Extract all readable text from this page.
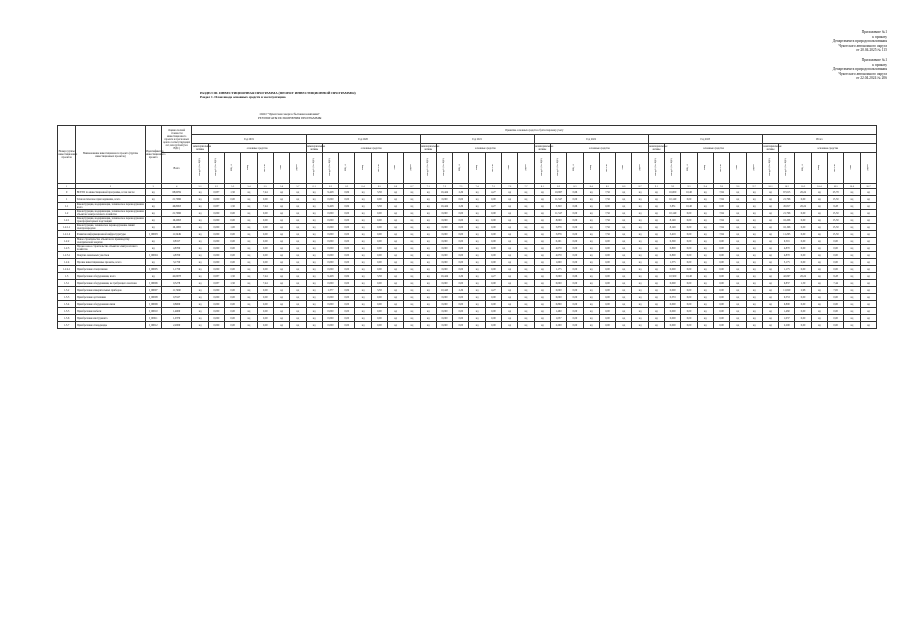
Приложение №1
к приказу
Департамента природопользования
Чукотского автономного округа
от 20.04.2025 № 115
Приложение №1
к приказу
Департамента природопользования
Чукотского автономного округа
от 22.04.2024 № 206
РАЗДЕЛ III. ИНВЕСТИЦИОННАЯ ПРОГРАММА (ПРОЕКТ ИНВЕСТИЦИОННОЙ ПРОГРАММЫ)
Раздел 1. План ввода основных средств в эксплуатацию
ООО "Чукотская энергосбытовая компания"
РЕЗУЛЬТАТЫ ИСПОЛНЕНИЯ ПРОГРАММЫ
Номер группы инвестиционных проектов	Наименование инвестиционного проекта (группы инвестиционных проектов)	Идентификатор инвестиционного проекта	Оценка полной стоимости инвестиционного проекта в прогнозных ценах соответствующих лет, млн рублей (без НДС)	Принятие основных средств к бухгалтерскому учету																																									
				Год 2019							Год 2020							Год 2021							Год 2022							Год 2023							Итого						
				нематериальные активы	основные средства						нематериальные активы	основные средства						нематериальные активы	основные средства						нематериальные активы	основные средства						нематериальные активы	основные средства						нематериальные активы	основные средства					
			Всего	млн руб. (без НДС)	млн руб. (без НДС)	МВ×А	Мвар	км ЛЭП	МВт	Другое	млн руб. (без НДС)	млн руб. (без НДС)	МВ×А	Мвар	км ЛЭП	МВт	Другое	млн руб. (без НДС)	млн руб. (без НДС)	МВ×А	Мвар	км ЛЭП	МВт	Другое	млн руб. (без НДС)	млн руб. (без НДС)	МВ×А	Мвар	км ЛЭП	МВт	Другое	млн руб. (без НДС)	млн руб. (без НДС)	МВ×А	Мвар	км ЛЭП	МВт	Другое	млн руб. (без НДС)	млн руб. (без НДС)	МВ×А	Мвар	км ЛЭП	МВт	Другое
1	2	3	4	5.1	5.2	5.3	5.4	5.5	5.6	5.7	6.1	6.2	6.3	6.4	6.5	6.6	6.7	7.1	7.2	7.3	7.4	7.5	7.6	7.7	8.1	8.2	8.3	8.4	8.5	8.6	8.7	9.1	9.2	9.3	9.4	9.5	9.6	9.7	10.1	10.2	10.3	10.4	10.5	10.6	10.7
0	ВСЕГО по инвестиционной программе, в том числе:	нд	68,6059	нд	0,837	1,50	нд	7,44	нд	нд	нд	9,428	0,69	нд	3,38	нд	нд	нд	16,424	2,29	нд	4,27	нд	нд	нд	16,867	0,66	нд	7,56	нд	нд	нд	16,000	10,40	нд	7,94	нд	нд	нд	67,615	26,24	нд	23,78	нд	нд
1	Технологическое присоединение, всего	нд	21,7996	нд	0,000	0,00	нд	0,00	нд	нд	нд	0,000	0,00	нд	0,00	нд	нд	нд	0,000	0,00	нд	0,00	нд	нд	нд	11,547	0,00	нд	7,56	нд	нд	нд	10,149	0,00	нд	7,94	нд	нд	нд	21,796	0,00	нд	15,50	нд	нд
1.1	Реконструкция, модернизация, техническое перевооружение всего	нд	46,8063	нд	0,837	1,50	нд	7,44	нд	нд	нд	9,428	0,69	нд	3,38	нд	нд	нд	16,424	2,29	нд	4,27	нд	нд	нд	5,320	0,66	нд	0,00	нд	нд	нд	5,851	10,40	нд	0,00	нд	нд	нд	45,817	26,24	нд	8,28	нд	нд
1.2	Реконструкция, модернизация, техническое перевооружение объектов электросетевого хозяйства	нд	21,7996	нд	0,000	0,00	нд	0,00	нд	нд	нд	0,000	0,00	нд	0,00	нд	нд	нд	0,000	0,00	нд	0,00	нд	нд	нд	11,547	0,00	нд	7,56	нд	нд	нд	10,149	0,00	нд	7,94	нд	нд	нд	21,796	0,00	нд	15,50	нд	нд
1.2.1	Реконструкция, модернизация, техническое перевооружение трансформаторных подстанций	нд	16,2063	нд	0,000	0,00	нд	0,00	нд	нд	нд	0,000	0,00	нд	0,00	нд	нд	нд	0,000	0,00	нд	0,00	нд	нд	нд	8,000	0,00	нд	7,56	нд	нд	нд	8,149	0,00	нд	7,94	нд	нд	нд	16,206	0,00	нд	15,50	нд	нд
1.2.1.1	Реконструкция, техническое перевооружение линий электропередачи	нд	16,1965	нд	0,000	1,00	нд	0,00	нд	нд	нд	0,000	0,00	нд	0,00	нд	нд	нд	0,000	0,00	нд	0,00	нд	нд	нд	5,876	0,00	нд	7,56	нд	нд	нд	8,149	0,00	нд	7,94	нд	нд	нд	16,196	0,00	нд	15,50	нд	нд
1.2.1.2	Развитие информационной инфраструктуры	I_00003	11,5449	нд	0,000	0,00	нд	0,00	нд	нд	нд	0,000	0,00	нд	0,00	нд	нд	нд	0,000	0,00	нд	0,00	нд	нд	нд	5,876	0,00	нд	7,56	нд	нд	нд	5,419	0,00	нд	7,94	нд	нд	нд	11,295	0,00	нд	15,50	нд	нд
1.2.2	Новое строительство объектов по производству электрической энергии	нд	0,8317	нд	0,000	0,00	нд	0,00	нд	нд	нд	0,000	0,00	нд	0,00	нд	нд	нд	0,000	0,00	нд	0,00	нд	нд	нд	0,201	0,00	нд	0,00	нд	нд	нд	0,300	0,00	нд	0,00	нд	нд	нд	0,501	0,00	нд	0,00	нд	нд
1.2.3	Прочее новое строительство объектов электросетевого хозяйства	нд	4,8700	нд	0,000	0,00	нд	0,00	нд	нд	нд	0,000	0,00	нд	0,00	нд	нд	нд	0,000	0,00	нд	0,00	нд	нд	нд	4,070	0,00	нд	0,00	нд	нд	нд	0,800	0,00	нд	0,00	нд	нд	нд	4,870	0,00	нд	0,00	нд	нд
1.2.3.1	Покупка земельных участков	I_00004	4,8700	нд	0,000	0,00	нд	0,00	нд	нд	нд	0,000	0,00	нд	0,00	нд	нд	нд	0,000	0,00	нд	0,00	нд	нд	нд	4,070	0,00	нд	0,00	нд	нд	нд	0,800	0,00	нд	0,00	нд	нд	нд	4,870	0,00	нд	0,00	нд	нд
1.2.4	Прочие инвестиционные проекты, всего	нд	3,1750	нд	0,000	0,00	нд	0,00	нд	нд	нд	0,000	0,00	нд	0,00	нд	нд	нд	0,000	0,00	нд	0,00	нд	нд	нд	1,600	0,00	нд	0,00	нд	нд	нд	1,575	0,00	нд	0,00	нд	нд	нд	3,175	0,00	нд	0,00	нд	нд
1.2.4.1	Приобретение спецтехники	I_00005	1,1750	нд	0,000	0,00	нд	0,00	нд	нд	нд	0,000	0,00	нд	0,00	нд	нд	нд	0,000	0,00	нд	0,00	нд	нд	нд	1,175	0,00	нд	0,00	нд	нд	нд	0,000	0,00	нд	0,00	нд	нд	нд	1,175	0,00	нд	0,00	нд	нд
1.3	Приобретение оборудования, всего	нд	42,0978	нд	0,837	1,50	нд	7,44	нд	нд	нд	9,428	0,69	нд	3,38	нд	нд	нд	16,424	2,29	нд	4,27	нд	нд	нд	5,000	0,66	нд	0,00	нд	нд	нд	10,500	10,40	нд	0,00	нд	нд	нд	42,097	26,24	нд	8,28	нд	нд
1.3.1	Приобретение оборудования, не требующего монтажа	I_00006	0,5278	нд	0,837	1,50	нд	7,44	нд	нд	нд	0,000	0,00	нд	0,00	нд	нд	нд	0,000	0,00	нд	0,00	нд	нд	нд	0,000	0,00	нд	0,00	нд	нд	нд	0,000	0,00	нд	0,00	нд	нд	нд	0,837	1,50	нд	7,44	нд	нд
1.3.2	Приобретение измерительных приборов	I_00007	11,7460	нд	0,000	0,00	нд	0,00	нд	нд	нд	1,377	0,69	нд	3,38	нд	нд	нд	10,445	2,29	нд	4,27	нд	нд	нд	0,000	0,00	нд	0,00	нд	нд	нд	0,000	0,00	нд	0,00	нд	нд	нд	11,820	2,98	нд	7,65	нд	нд
1.3.3	Приобретение оргтехники	I_00008	0,5527	нд	0,000	0,00	нд	0,00	нд	нд	нд	0,000	0,00	нд	0,00	нд	нд	нд	0,000	0,00	нд	0,00	нд	нд	нд	0,000	0,00	нд	0,00	нд	нд	нд	0,553	0,00	нд	0,00	нд	нд	нд	0,553	0,00	нд	0,00	нд	нд
1.3.4	Приобретение оборудования связи	I_00009	0,8000	нд	0,000	0,00	нд	0,00	нд	нд	нд	0,000	0,00	нд	0,00	нд	нд	нд	0,000	0,00	нд	0,00	нд	нд	нд	0,800	0,00	нд	0,00	нд	нд	нд	0,000	0,00	нд	0,00	нд	нд	нд	0,800	0,00	нд	0,00	нд	нд
1.3.5	Приобретение мебели	I_00010	1,4600	нд	0,000	0,00	нд	0,00	нд	нд	нд	0,000	0,00	нд	0,00	нд	нд	нд	0,000	0,00	нд	0,00	нд	нд	нд	1,460	0,00	нд	0,00	нд	нд	нд	0,000	0,00	нд	0,00	нд	нд	нд	1,460	0,00	нд	0,00	нд	нд
1.3.6	Приобретение инструмента	I_00011	1,0370	нд	0,000	0,00	нд	0,00	нд	нд	нд	0,000	0,00	нд	0,00	нд	нд	нд	0,000	0,00	нд	0,00	нд	нд	нд	1,037	0,00	нд	0,00	нд	нд	нд	0,000	0,00	нд	0,00	нд	нд	нд	1,037	0,00	нд	0,00	нд	нд
1.3.7	Приобретение спецодежды	I_00012	2,2000	нд	0,000	0,00	нд	0,00	нд	нд	нд	0,000	0,00	нд	0,00	нд	нд	нд	0,000	0,00	нд	0,00	нд	нд	нд	2,200	0,00	нд	0,00	нд	нд	нд	0,000	0,00	нд	0,00	нд	нд	нд	2,200	0,00	нд	0,00	нд	нд
